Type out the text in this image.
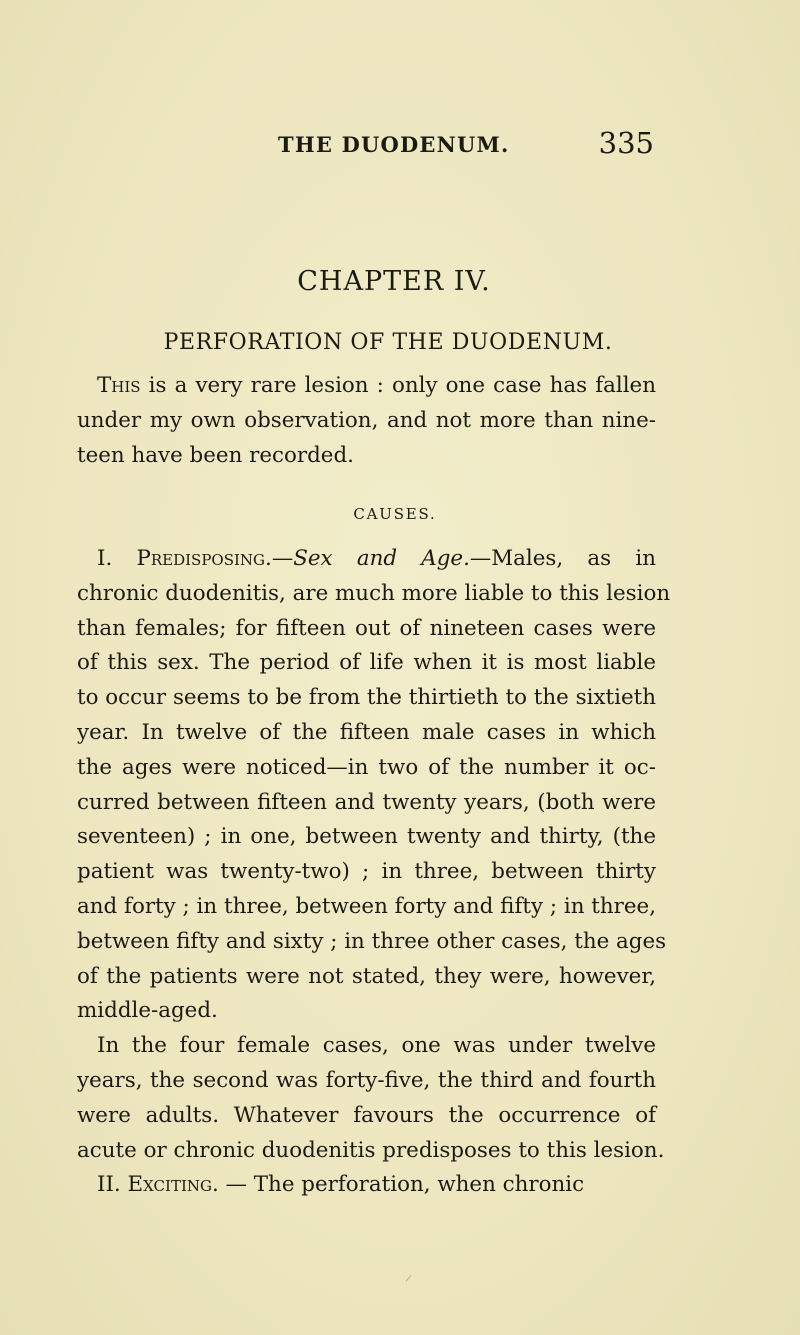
THE DUODENUM.	335
CHAPTER IV.
PERFORATION OF THE DUODENUM.
This is a very rare lesion : only one case has fallen
under my own observation, and not more than nine-
teen have been recorded.
CAUSES.
I. Predisposing.—Sex and Age.—Males, as in
chronic duodenitis, are much more liable to this lesion
than females; for fifteen out of nineteen cases were
of this sex. The period of life when it is most liable
to occur seems to be from the thirtieth to the sixtieth
year. In twelve of the fifteen male cases in which
the ages were noticed—in two of the number it oc-
curred between fifteen and twenty years, (both were
seventeen) ; in one, between twenty and thirty, (the
patient was twenty-two) ; in three, between thirty
and forty ; in three, between forty and fifty ; in three,
between fifty and sixty ; in three other cases, the ages
of the patients were not stated, they were, however,
middle-aged.
In the four female cases, one was under twelve
years, the second was forty-five, the third and fourth
were adults. Whatever favours the occurrence of
acute or chronic duodenitis predisposes to this lesion.
II. Exciting. — The perforation, when chronic
